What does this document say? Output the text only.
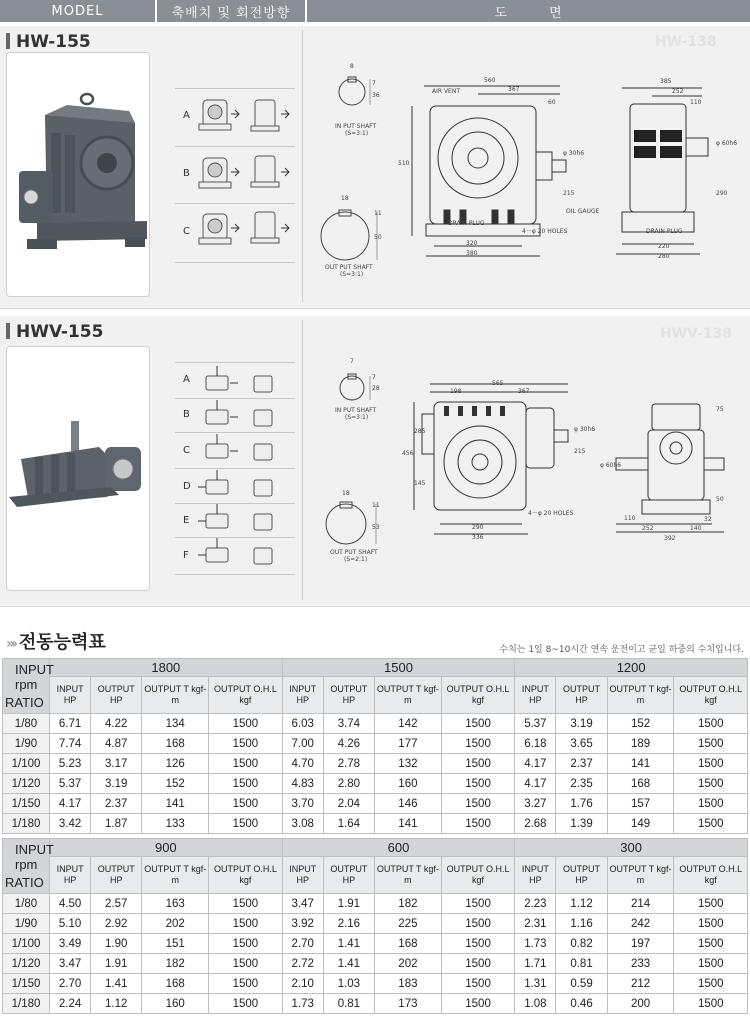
MODEL	축배치 및 회전방향	도        면
HW-155	HW-138
A
B
C
8
36
7
IN PUT SHAFT
(S=3:1)
18
11
50
OUT PUT SHAFT
(S=3:1)
560
367
60
AIR VENT
510
φ 30h6
215
OIL GAUGE
DRAIN PLUG
4－φ 20 HOLES
320
380
385
252
110
φ 60h6
290
DRAIN PLUG
220
280
HWV-155	HWV-138
A
B
C
D
E
F
7
28
7
IN PUT SHAFT
(S=3:1)
18
11
53
OUT PUT SHAFT
(S=2:1)
565
198	367
285
456
145
φ 30h6
215
4－φ 20 HOLES
290
336
75
φ 60h6
50
32
110
252	140
392
»› 전동능력표	수치는 1일 8~10시간 연속 운전이고 균일 하중의 수치입니다.
INPUT rpm
RATIO	1800				1500				1200			
	INPUT HP	OUTPUT HP	OUTPUT T kgf-m	OUTPUT O.H.L kgf	INPUT HP	OUTPUT HP	OUTPUT T kgf-m	OUTPUT O.H.L kgf	INPUT HP	OUTPUT HP	OUTPUT T kgf-m	OUTPUT O.H.L kgf
1/80	6.71	4.22	134	1500	6.03	3.74	142	1500	5.37	3.19	152	1500
1/90	7.74	4.87	168	1500	7.00	4.26	177	1500	6.18	3.65	189	1500
1/100	5.23	3.17	126	1500	4.70	2.78	132	1500	4.17	2.37	141	1500
1/120	5.37	3.19	152	1500	4.83	2.80	160	1500	4.17	2.35	168	1500
1/150	4.17	2.37	141	1500	3.70	2.04	146	1500	3.27	1.76	157	1500
1/180	3.42	1.87	133	1500	3.08	1.64	141	1500	2.68	1.39	149	1500
INPUT rpm
RATIO	900				600				300			
	INPUT HP	OUTPUT HP	OUTPUT T kgf-m	OUTPUT O.H.L kgf	INPUT HP	OUTPUT HP	OUTPUT T kgf-m	OUTPUT O.H.L kgf	INPUT HP	OUTPUT HP	OUTPUT T kgf-m	OUTPUT O.H.L kgf
1/80	4.50	2.57	163	1500	3.47	1.91	182	1500	2.23	1.12	214	1500
1/90	5.10	2.92	202	1500	3.92	2.16	225	1500	2.31	1.16	242	1500
1/100	3.49	1.90	151	1500	2.70	1.41	168	1500	1.73	0.82	197	1500
1/120	3.47	1.91	182	1500	2.72	1.41	202	1500	1.71	0.81	233	1500
1/150	2.70	1.41	168	1500	2.10	1.03	183	1500	1.31	0.59	212	1500
1/180	2.24	1.12	160	1500	1.73	0.81	173	1500	1.08	0.46	200	1500
